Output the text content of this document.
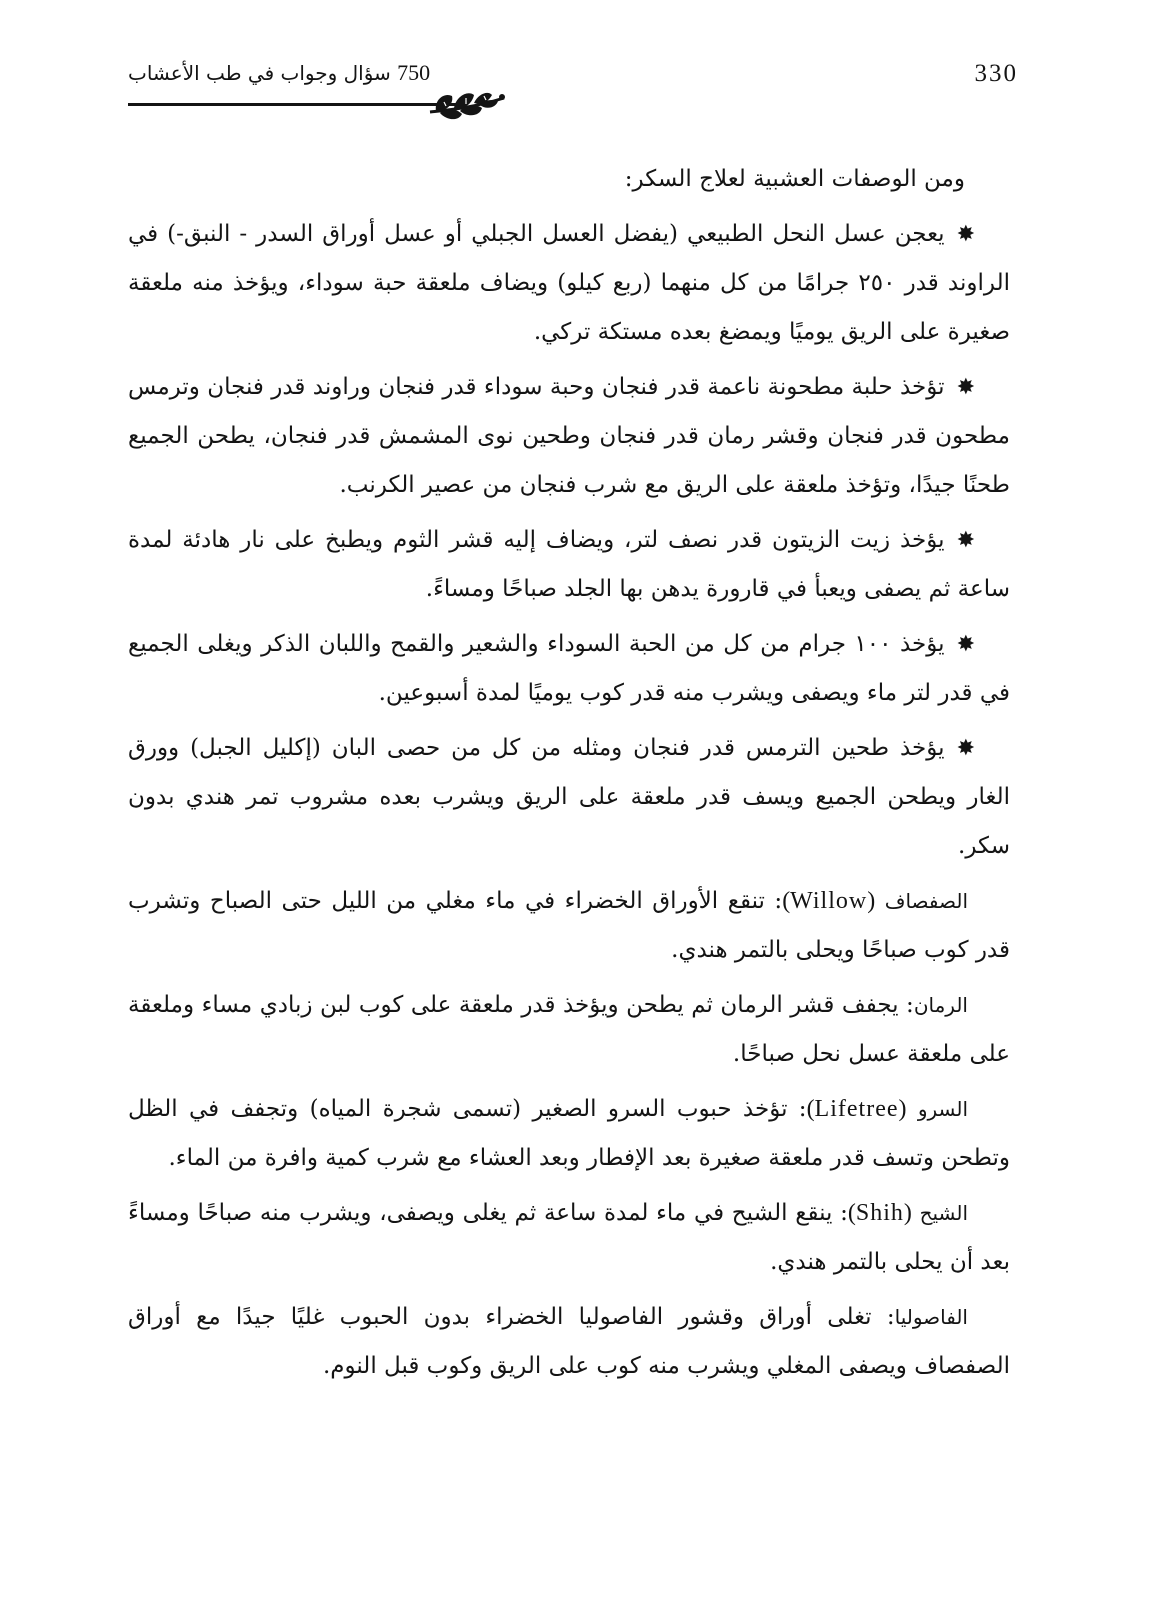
330
750 سؤال وجواب في طب الأعشاب

ومن الوصفات العشبية لعلاج السكر:

✸يعجن عسل النحل الطبيعي (يفضل العسل الجبلي أو عسل أوراق السدر - النبق-) في الراوند قدر ٢٥٠ جرامًا من كل منهما (ربع كيلو) ويضاف ملعقة حبة سوداء، ويؤخذ منه ملعقة صغيرة على الريق يوميًا ويمضغ بعده مستكة تركي.

✸تؤخذ حلبة مطحونة ناعمة قدر فنجان وحبة سوداء قدر فنجان وراوند قدر فنجان وترمس مطحون قدر فنجان وقشر رمان قدر فنجان وطحين نوى المشمش قدر فنجان، يطحن الجميع طحنًا جيدًا، وتؤخذ ملعقة على الريق مع شرب فنجان من عصير الكرنب.

✸يؤخذ زيت الزيتون قدر نصف لتر، ويضاف إليه قشر الثوم ويطبخ على نار هادئة لمدة ساعة ثم يصفى ويعبأ في قارورة يدهن بها الجلد صباحًا ومساءً.

✸يؤخذ ١٠٠ جرام من كل من الحبة السوداء والشعير والقمح واللبان الذكر ويغلى الجميع في قدر لتر ماء ويصفى ويشرب منه قدر كوب يوميًا لمدة أسبوعين.

✸يؤخذ طحين الترمس قدر فنجان ومثله من كل من حصى البان (إكليل الجبل) وورق الغار ويطحن الجميع ويسف قدر ملعقة على الريق ويشرب بعده مشروب تمر هندي بدون سكر.

الصفصاف (Willow): تنقع الأوراق الخضراء في ماء مغلي من الليل حتى الصباح وتشرب قدر كوب صباحًا ويحلى بالتمر هندي.

الرمان: يجفف قشر الرمان ثم يطحن ويؤخذ قدر ملعقة على كوب لبن زبادي مساء وملعقة على ملعقة عسل نحل صباحًا.

السرو (Lifetree): تؤخذ حبوب السرو الصغير (تسمى شجرة المياه) وتجفف في الظل وتطحن وتسف قدر ملعقة صغيرة بعد الإفطار وبعد العشاء مع شرب كمية وافرة من الماء.

الشيح (Shih): ينقع الشيح في ماء لمدة ساعة ثم يغلى ويصفى، ويشرب منه صباحًا ومساءً بعد أن يحلى بالتمر هندي.

الفاصوليا: تغلى أوراق وقشور الفاصوليا الخضراء بدون الحبوب غليًا جيدًا مع أوراق الصفصاف ويصفى المغلي ويشرب منه كوب على الريق وكوب قبل النوم.
